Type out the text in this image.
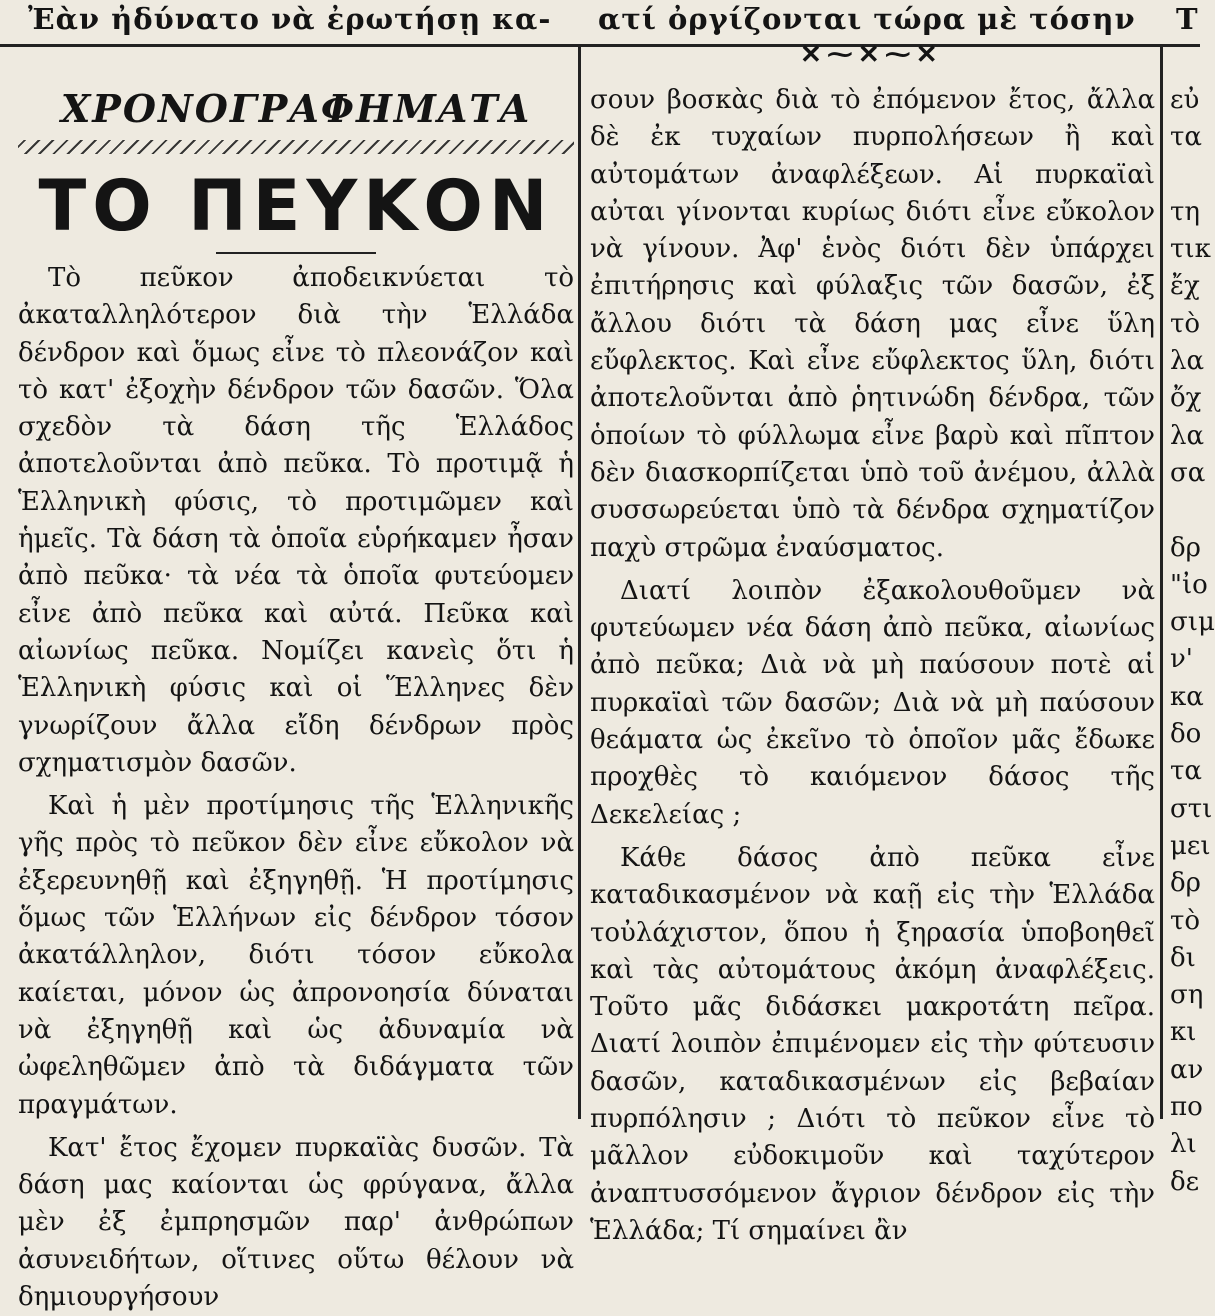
Ἐὰν ἠδύνατο νὰ ἐρωτήσῃ κα- ατί ὀργίζονται τώρα μὲ τόσην Τ
✕ ⁓ ✕ ⁓ ✕
ΧΡΟΝΟΓΡΑΦΗΜΑΤΑ
ΤΟ ΠΕΥΚΟΝ

Τὸ πεῦκον ἀποδεικνύεται τὸ ἀκαταλληλότερον διὰ τὴν Ἑλλάδα δένδρον καὶ ὅμως εἶνε τὸ πλεονάζον καὶ τὸ κατ' ἐξοχὴν δένδρον τῶν δασῶν. Ὅλα σχεδὸν τὰ δάση τῆς Ἑλλάδος ἀποτελοῦνται ἀπὸ πεῦκα. Τὸ προτιμᾷ ἡ Ἑλληνικὴ φύσις, τὸ προτιμῶμεν καὶ ἡμεῖς. Τὰ δάση τὰ ὁποῖα εὑρήκαμεν ἦσαν ἀπὸ πεῦκα· τὰ νέα τὰ ὁποῖα φυτεύομεν εἶνε ἀπὸ πεῦκα καὶ αὐτά. Πεῦκα καὶ αἰωνίως πεῦκα. Νομίζει κανεὶς ὅτι ἡ Ἑλληνικὴ φύσις καὶ οἱ Ἕλληνες δὲν γνωρίζουν ἄλλα εἴδη δένδρων πρὸς σχηματισμὸν δασῶν.

Καὶ ἡ μὲν προτίμησις τῆς Ἑλληνικῆς γῆς πρὸς τὸ πεῦκον δὲν εἶνε εὔκολον νὰ ἐξερευνηθῇ καὶ ἐξηγηθῇ. Ἡ προτίμησις ὅμως τῶν Ἑλλήνων εἰς δένδρον τόσον ἀκατάλληλον, διότι τόσον εὔκολα καίεται, μόνον ὡς ἀπρονοησία δύναται νὰ ἐξηγηθῇ καὶ ὡς ἀδυναμία νὰ ὠφεληθῶμεν ἀπὸ τὰ διδάγματα τῶν πραγμάτων.

Κατ' ἔτος ἔχομεν πυρκαϊὰς δυσῶν. Τὰ δάση μας καίονται ὡς φρύγανα, ἄλλα μὲν ἐξ ἐμπρησμῶν παρ' ἀνθρώπων ἀσυνειδήτων, οἵτινες οὕτω θέλουν νὰ δημιουργήσουν

σουν βοσκὰς διὰ τὸ ἐπόμενον ἔτος, ἄλλα δὲ ἐκ τυχαίων πυρπολήσεων ἢ καὶ αὐτομάτων ἀναφλέξεων. Αἱ πυρκαϊαὶ αὐται γίνονται κυρίως διότι εἶνε εὔκολον νὰ γίνουν. Ἀφ' ἑνὸς διότι δὲν ὑπάρχει ἐπιτήρησις καὶ φύλαξις τῶν δασῶν, ἐξ ἄλλου διότι τὰ δάση μας εἶνε ὕλη εὔφλεκτος. Καὶ εἶνε εὔφλεκτος ὕλη, διότι ἀποτελοῦνται ἀπὸ ῥητινώδη δένδρα, τῶν ὁποίων τὸ φύλλωμα εἶνε βαρὺ καὶ πῖπτον δὲν διασκορπίζεται ὑπὸ τοῦ ἀνέμου, ἀλλὰ συσσωρεύεται ὑπὸ τὰ δένδρα σχηματίζον παχὺ στρῶμα ἐναύσματος.

Διατί λοιπὸν ἐξακολουθοῦμεν νὰ φυτεύωμεν νέα δάση ἀπὸ πεῦκα, αἰωνίως ἀπὸ πεῦκα; Διὰ νὰ μὴ παύσουν ποτὲ αἱ πυρκαϊαὶ τῶν δασῶν; Διὰ νὰ μὴ παύσουν θεάματα ὡς ἐκεῖνο τὸ ὁποῖον μᾶς ἔδωκε προχθὲς τὸ καιόμενον δάσος τῆς Δεκελείας ;

Κάθε δάσος ἀπὸ πεῦκα εἶνε καταδικασμένον νὰ καῇ εἰς τὴν Ἑλλάδα τοὐλάχιστον, ὅπου ἡ ξηρασία ὑποβοηθεῖ καὶ τὰς αὐτομάτους ἀκόμη ἀναφλέξεις. Τοῦτο μᾶς διδάσκει μακροτάτη πεῖρα. Διατί λοιπὸν ἐπιμένομεν εἰς τὴν φύτευσιν δασῶν, καταδικασμένων εἰς βεβαίαν πυρπόλησιν ; Διότι τὸ πεῦκον εἶνε τὸ μᾶλλον εὐδοκιμοῦν καὶ ταχύτερον ἀναπτυσσόμενον ἄγριον δένδρον εἰς τὴν Ἑλλάδα; Τί σημαίνει ἂν

εὐ
τα

τη
τικ
ἔχ
τὸ
λα
ὄχ
λα
σα

δρ
"ἰο
σιμ
ν'
κα
δο
τα
στι
μει
δρ
τὸ
δι
ση
κι
αν
πο
λι
δε
